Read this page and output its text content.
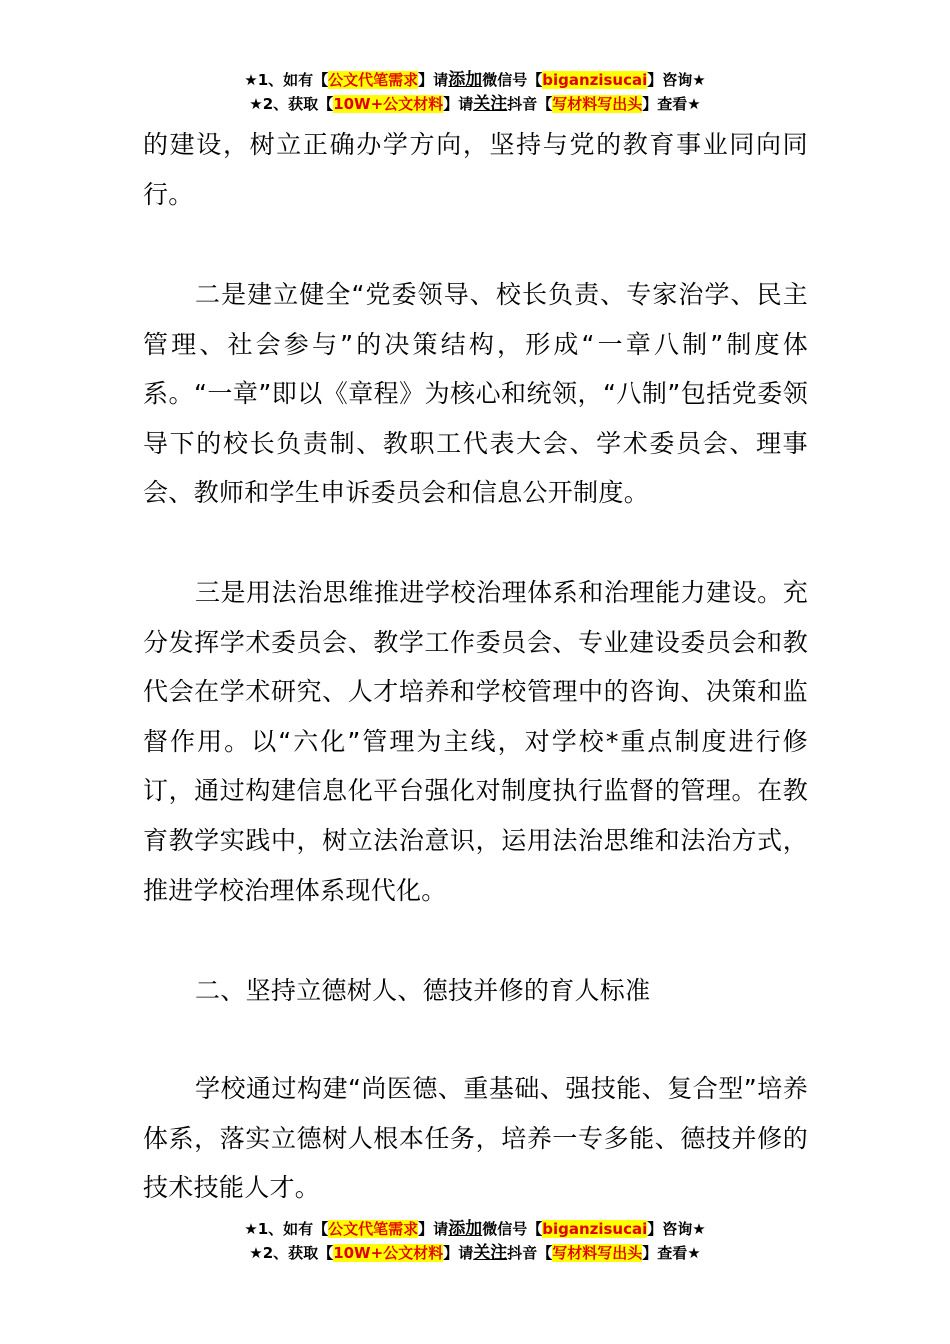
★1、如有【公文代笔需求】请添加微信号【biganzisucai】咨询★
★2、获取【10W+公文材料】请关注抖音【写材料写出头】查看★

的建设，树立正确办学方向，坚持与党的教育事业同向同行。

二是建立健全“党委领导、校长负责、专家治学、民主管理、社会参与”的决策结构，形成“一章八制”制度体系。“一章”即以《章程》为核心和统领，“八制”包括党委领导下的校长负责制、教职工代表大会、学术委员会、理事会、教师和学生申诉委员会和信息公开制度。

三是用法治思维推进学校治理体系和治理能力建设。充分发挥学术委员会、教学工作委员会、专业建设委员会和教代会在学术研究、人才培养和学校管理中的咨询、决策和监督作用。以“六化”管理为主线，对学校*重点制度进行修订，通过构建信息化平台强化对制度执行监督的管理。在教育教学实践中，树立法治意识，运用法治思维和法治方式，推进学校治理体系现代化。

二、坚持立德树人、德技并修的育人标准

学校通过构建“尚医德、重基础、强技能、复合型”培养体系，落实立德树人根本任务，培养一专多能、德技并修的技术技能人才。

★1、如有【公文代笔需求】请添加微信号【biganzisucai】咨询★
★2、获取【10W+公文材料】请关注抖音【写材料写出头】查看★
